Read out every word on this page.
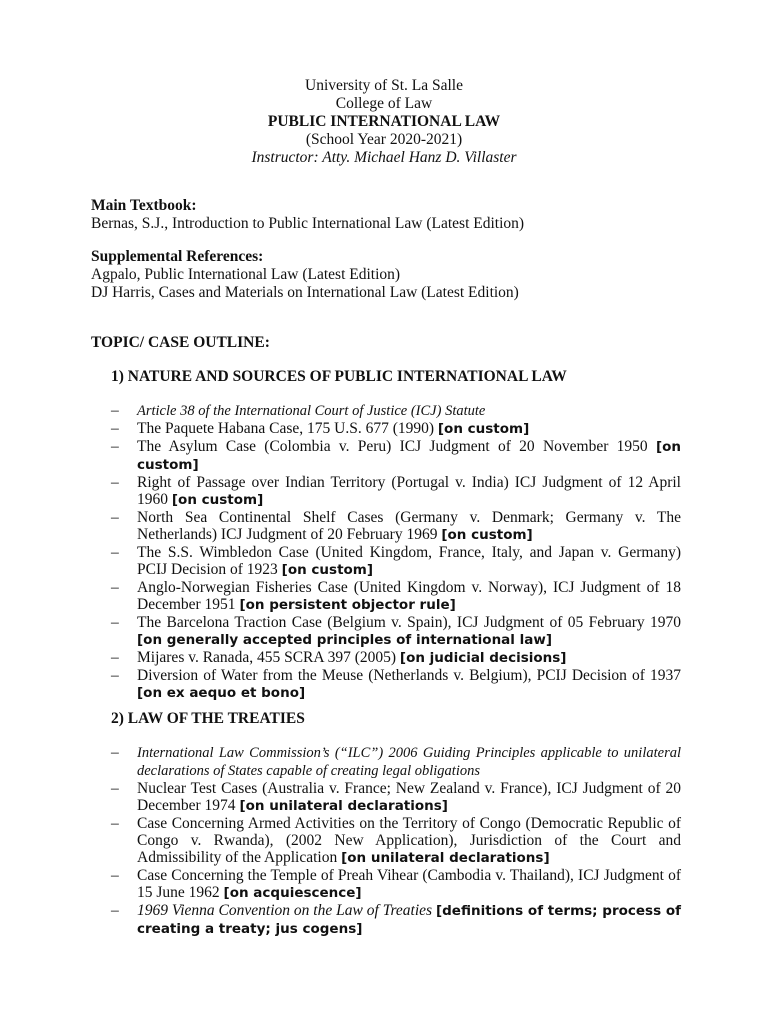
University of St. La Salle
College of Law
PUBLIC INTERNATIONAL LAW
(School Year 2020-2021)
Instructor: Atty. Michael Hanz D. Villaster
Main Textbook:
Bernas, S.J., Introduction to Public International Law (Latest Edition)
Supplemental References:
Agpalo, Public International Law (Latest Edition)
DJ Harris, Cases and Materials on International Law (Latest Edition)
TOPIC/ CASE OUTLINE:
1) NATURE AND SOURCES OF PUBLIC INTERNATIONAL LAW
– Article 38 of the International Court of Justice (ICJ) Statute
– The Paquete Habana Case, 175 U.S. 677 (1990) [on custom]
– The Asylum Case (Colombia v. Peru) ICJ Judgment of 20 November 1950 [on custom]
– Right of Passage over Indian Territory (Portugal v. India) ICJ Judgment of 12 April 1960 [on custom]
– North Sea Continental Shelf Cases (Germany v. Denmark; Germany v. The Netherlands) ICJ Judgment of 20 February 1969 [on custom]
– The S.S. Wimbledon Case (United Kingdom, France, Italy, and Japan v. Germany) PCIJ Decision of 1923 [on custom]
– Anglo-Norwegian Fisheries Case (United Kingdom v. Norway), ICJ Judgment of 18 December 1951 [on persistent objector rule]
– The Barcelona Traction Case (Belgium v. Spain), ICJ Judgment of 05 February 1970 [on generally accepted principles of international law]
– Mijares v. Ranada, 455 SCRA 397 (2005) [on judicial decisions]
– Diversion of Water from the Meuse (Netherlands v. Belgium), PCIJ Decision of 1937 [on ex aequo et bono]
2) LAW OF THE TREATIES
– International Law Commission’s (“ILC”) 2006 Guiding Principles applicable to unilateral declarations of States capable of creating legal obligations
– Nuclear Test Cases (Australia v. France; New Zealand v. France), ICJ Judgment of 20 December 1974 [on unilateral declarations]
– Case Concerning Armed Activities on the Territory of Congo (Democratic Republic of Congo v. Rwanda), (2002 New Application), Jurisdiction of the Court and Admissibility of the Application [on unilateral declarations]
– Case Concerning the Temple of Preah Vihear (Cambodia v. Thailand), ICJ Judgment of 15 June 1962 [on acquiescence]
– 1969 Vienna Convention on the Law of Treaties [definitions of terms; process of creating a treaty; jus cogens]
